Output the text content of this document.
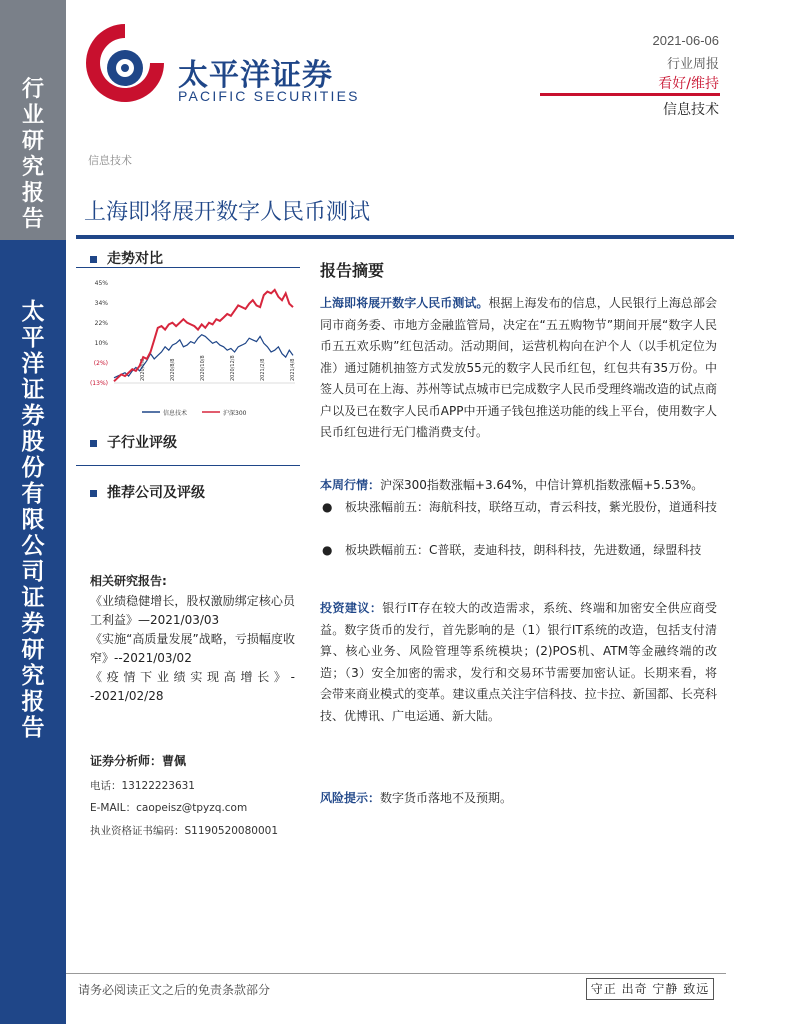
行
业
研
究
报
告
太
平
洋
证
券
股
份
有
限
公
司
证
券
研
究
报
告
太平洋证券
PACIFIC SECURITIES
2021-06-06
行业周报
看好/维持
信息技术
信息技术
上海即将展开数字人民币测试
走势对比
45%
34%
22%
10%
(2%)
(13%)
2020/6/8	2020/8/8	2020/10/8	2020/12/8	2021/2/8	2021/4/8
信息技术	沪深300
子行业评级
推荐公司及评级
相关研究报告:
《业绩稳健增长，股权激励绑定核心员工利益》—2021/03/03
《实施“高质量发展”战略，亏损幅度收窄》--2021/03/02
《疫情下业绩实现高增长》--2021/02/28
证券分析师：曹佩
电话：13122223631
E-MAIL：caopeisz@tpyzq.com
执业资格证书编码：S1190520080001
报告摘要
上海即将展开数字人民币测试。根据上海发布的信息，人民银行上海总部会同市商务委、市地方金融监管局，决定在“五五购物节”期间开展“数字人民币五五欢乐购”红包活动。活动期间，运营机构向在沪个人（以手机定位为准）通过随机抽签方式发放55元的数字人民币红包，红包共有35万份。中签人员可在上海、苏州等试点城市已完成数字人民币受理终端改造的试点商户以及已在数字人民币APP中开通子钱包推送功能的线上平台，使用数字人民币红包进行无门槛消费支付。
本周行情：沪深300指数涨幅+3.64%，中信计算机指数涨幅+5.53%。
● 板块涨幅前五：海航科技，联络互动，青云科技，紫光股份，道通科技
● 板块跌幅前五：C普联，麦迪科技，朗科科技，先进数通，绿盟科技
投资建议：银行IT存在较大的改造需求，系统、终端和加密安全供应商受益。数字货币的发行，首先影响的是（1）银行IT系统的改造，包括支付清算、核心业务、风险管理等系统模块；(2)POS机、ATM等金融终端的改造；（3）安全加密的需求，发行和交易环节需要加密认证。长期来看，将会带来商业模式的变革。建议重点关注宇信科技、拉卡拉、新国都、长亮科技、优博讯、广电运通、新大陆。
风险提示：数字货币落地不及预期。
请务必阅读正文之后的免责条款部分	守正 出奇 宁静 致远
